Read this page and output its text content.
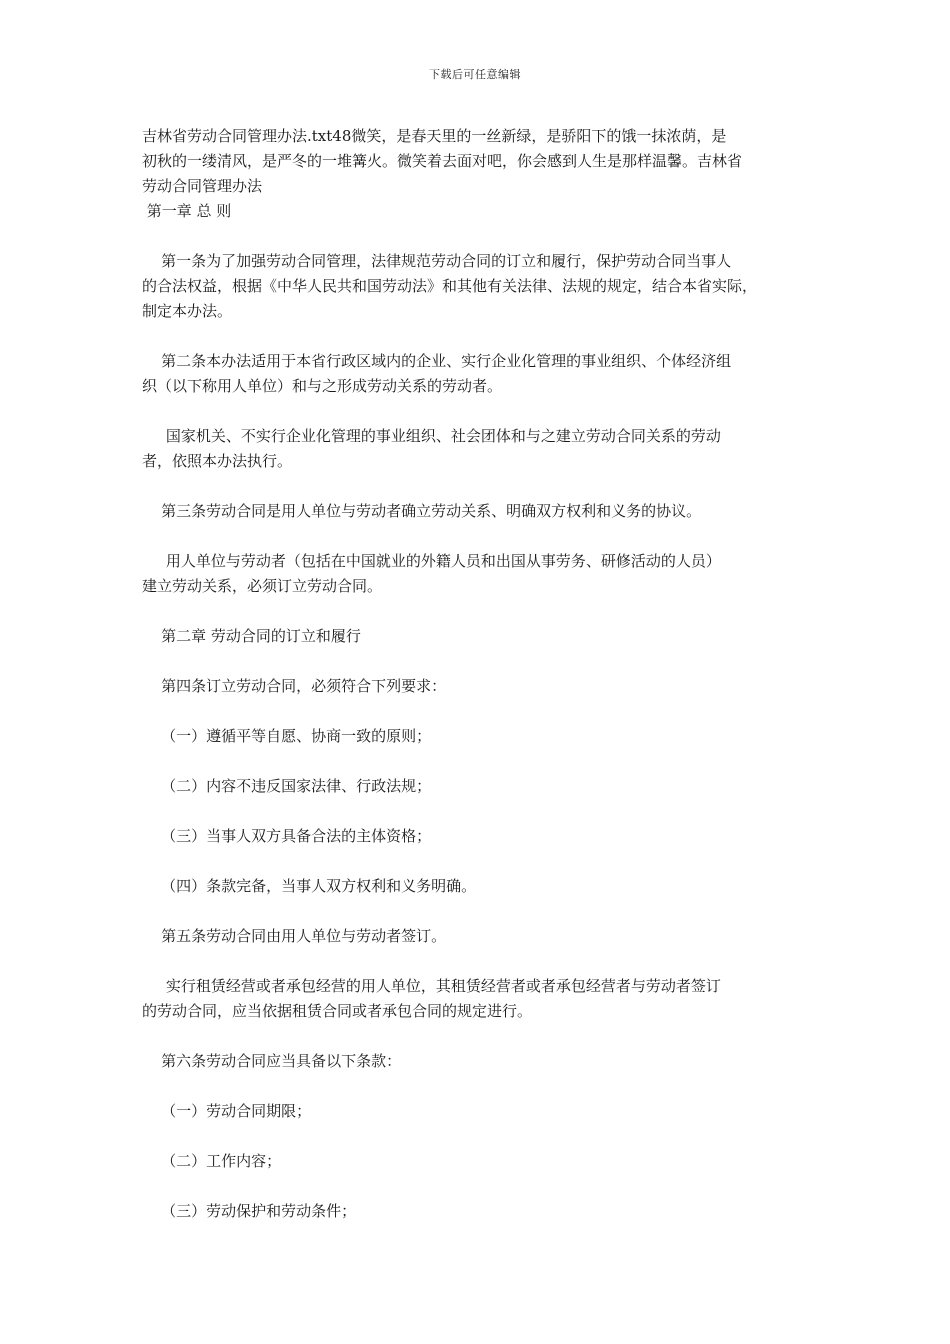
下载后可任意编辑
吉林省劳动合同管理办法.txt48微笑，是春天里的一丝新绿，是骄阳下的饿一抹浓荫，是
初秋的一缕清风，是严冬的一堆篝火。微笑着去面对吧，你会感到人生是那样温馨。吉林省
劳动合同管理办法
第一章 总 则
第一条为了加强劳动合同管理，法律规范劳动合同的订立和履行，保护劳动合同当事人
的合法权益，根据《中华人民共和国劳动法》和其他有关法律、法规的规定，结合本省实际，
制定本办法。
第二条本办法适用于本省行政区域内的企业、实行企业化管理的事业组织、个体经济组
织（以下称用人单位）和与之形成劳动关系的劳动者。
国家机关、不实行企业化管理的事业组织、社会团体和与之建立劳动合同关系的劳动
者，依照本办法执行。
第三条劳动合同是用人单位与劳动者确立劳动关系、明确双方权利和义务的协议。
用人单位与劳动者（包括在中国就业的外籍人员和出国从事劳务、研修活动的人员）
建立劳动关系，必须订立劳动合同。
第二章 劳动合同的订立和履行
第四条订立劳动合同，必须符合下列要求：
（一）遵循平等自愿、协商一致的原则；
（二）内容不违反国家法律、行政法规；
（三）当事人双方具备合法的主体资格；
（四）条款完备，当事人双方权利和义务明确。
第五条劳动合同由用人单位与劳动者签订。
实行租赁经营或者承包经营的用人单位，其租赁经营者或者承包经营者与劳动者签订
的劳动合同，应当依据租赁合同或者承包合同的规定进行。
第六条劳动合同应当具备以下条款：
（一）劳动合同期限；
（二）工作内容；
（三）劳动保护和劳动条件；
